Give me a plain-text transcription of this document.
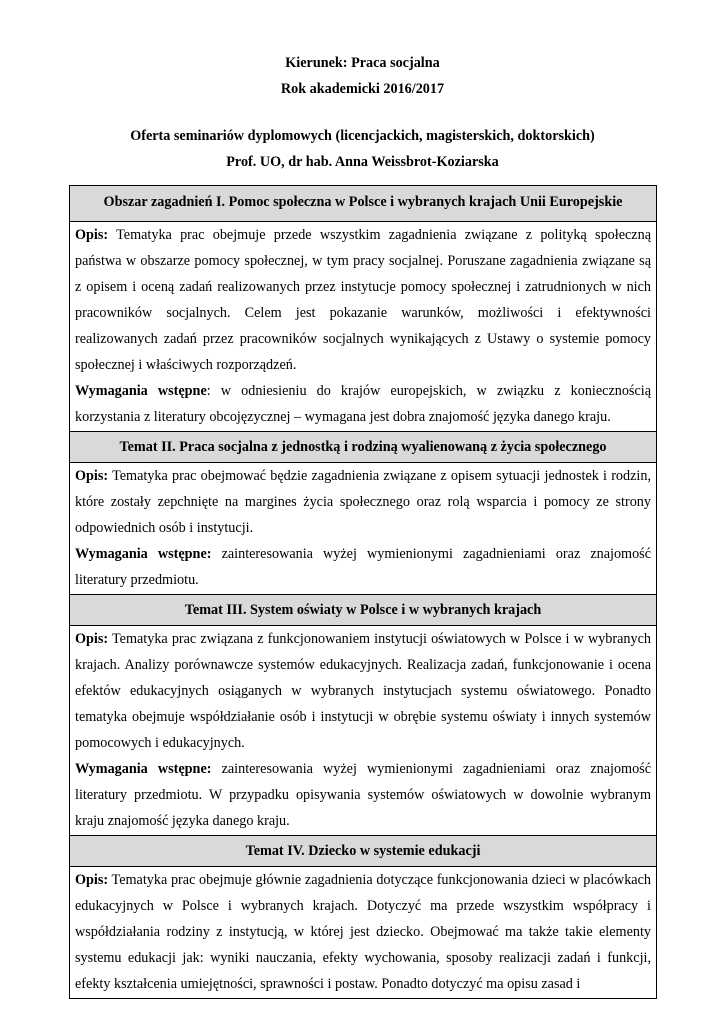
Kierunek: Praca socjalna
Rok akademicki 2016/2017
Oferta seminariów dyplomowych (licencjackich, magisterskich, doktorskich)
Prof. UO, dr hab. Anna Weissbrot-Koziarska
Obszar zagadnień I. Pomoc społeczna w Polsce i wybranych krajach Unii Europejskie

Opis: Tematyka prac obejmuje przede wszystkim zagadnienia związane z polityką społeczną państwa w obszarze pomocy społecznej, w tym pracy socjalnej. Poruszane zagadnienia związane są z opisem i oceną zadań realizowanych przez instytucje pomocy społecznej i zatrudnionych w nich pracowników socjalnych. Celem jest pokazanie warunków, możliwości i efektywności realizowanych zadań przez pracowników socjalnych wynikających z Ustawy o systemie pomocy społecznej i właściwych rozporządzeń.

Wymagania wstępne: w odniesieniu do krajów europejskich, w związku z koniecznością korzystania z literatury obcojęzycznej – wymagana jest dobra znajomość języka danego kraju.

Temat II. Praca socjalna z jednostką i rodziną wyalienowaną z życia społecznego

Opis: Tematyka prac obejmować będzie zagadnienia związane z opisem sytuacji jednostek i rodzin, które zostały zepchnięte na margines życia społecznego oraz rolą wsparcia i pomocy ze strony odpowiednich osób i instytucji.

Wymagania wstępne: zainteresowania wyżej wymienionymi zagadnieniami oraz znajomość literatury przedmiotu.

Temat III. System oświaty w Polsce i w wybranych krajach

Opis: Tematyka prac związana z funkcjonowaniem instytucji oświatowych w Polsce i w wybranych krajach. Analizy porównawcze systemów edukacyjnych. Realizacja zadań, funkcjonowanie i ocena efektów edukacyjnych osiąganych w wybranych instytucjach systemu oświatowego. Ponadto tematyka obejmuje współdziałanie osób i instytucji w obrębie systemu oświaty i innych systemów pomocowych i edukacyjnych.

Wymagania wstępne: zainteresowania wyżej wymienionymi zagadnieniami oraz znajomość literatury przedmiotu. W przypadku opisywania systemów oświatowych w dowolnie wybranym kraju znajomość języka danego kraju.

Temat IV. Dziecko w systemie edukacji

Opis: Tematyka prac obejmuje głównie zagadnienia dotyczące funkcjonowania dzieci w placówkach edukacyjnych w Polsce i wybranych krajach. Dotyczyć ma przede wszystkim współpracy i współdziałania rodziny z instytucją, w której jest dziecko. Obejmować ma także takie elementy systemu edukacji jak: wyniki nauczania, efekty wychowania, sposoby realizacji zadań i funkcji, efekty kształcenia umiejętności, sprawności i postaw. Ponadto dotyczyć ma opisu zasad i
